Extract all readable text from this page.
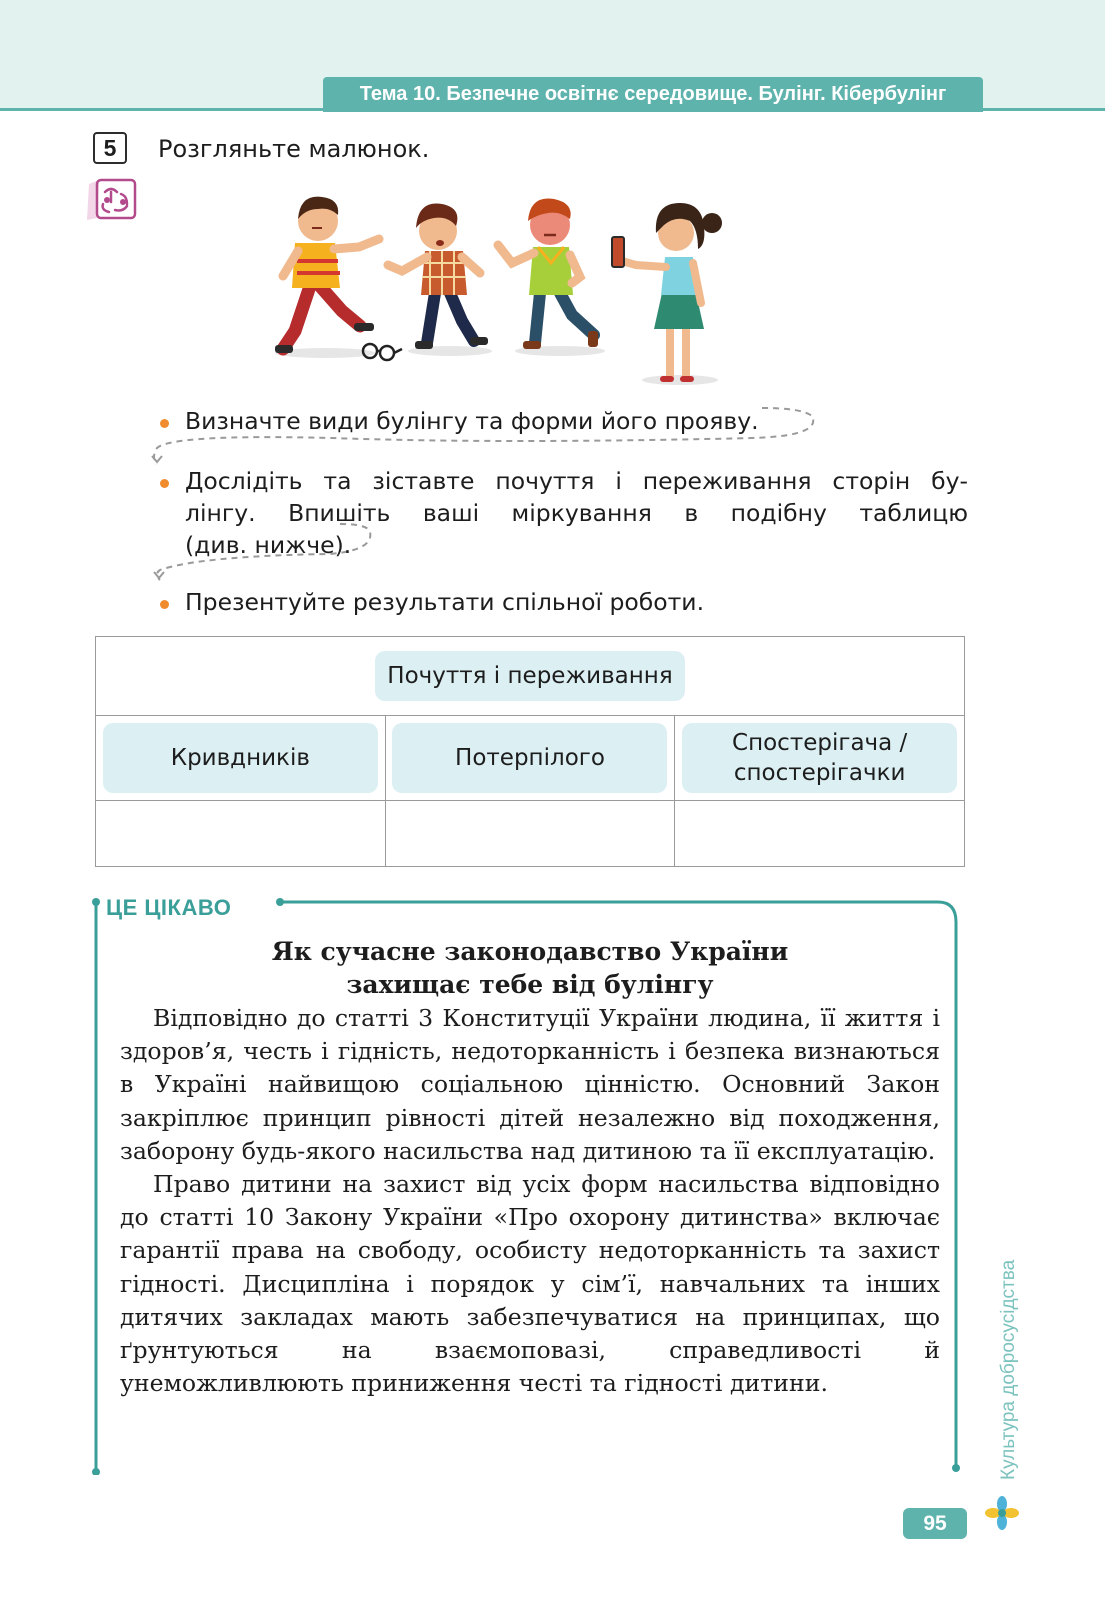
Тема 10. Безпечне освітнє середовище. Булінг. Кібербулінг
5	Розгляньте малюнок.
Визначте види булінгу та форми його прояву.
Дослідіть та зіставте почуття і переживання сторін бу-
лінгу. Впишіть ваші міркування в подібну таблицю
(див. нижче).
Презентуйте результати спільної роботи.
Почуття і переживання		
Кривдників	Потерпілого	Спостерігача /
спостерігачки

ЦЕ ЦІКАВО
Як сучасне законодавство України
захищає тебе від булінгу

Відповідно до статті 3 Конституції України людина, її життя і здоров’я, честь і гідність, недоторканність і безпека визнаються в Україні найвищою соціальною цінністю. Основний Закон закріплює принцип рівності дітей незалежно від походження, заборону будь-якого насильства над дитиною та її експлуатацію.

Право дитини на захист від усіх форм насильства відповідно до статті 10 Закону України «Про охорону дитинства» включає гарантії права на свободу, особисту недоторканність та захист гідності. Дисципліна і порядок у сім’ї, навчальних та інших дитячих закладах мають забезпечуватися на принципах, що ґрунтуються на взаємоповазі, справедливості й унеможливлюють приниження честі та гідності дитини.	Культура добросусідства
95
